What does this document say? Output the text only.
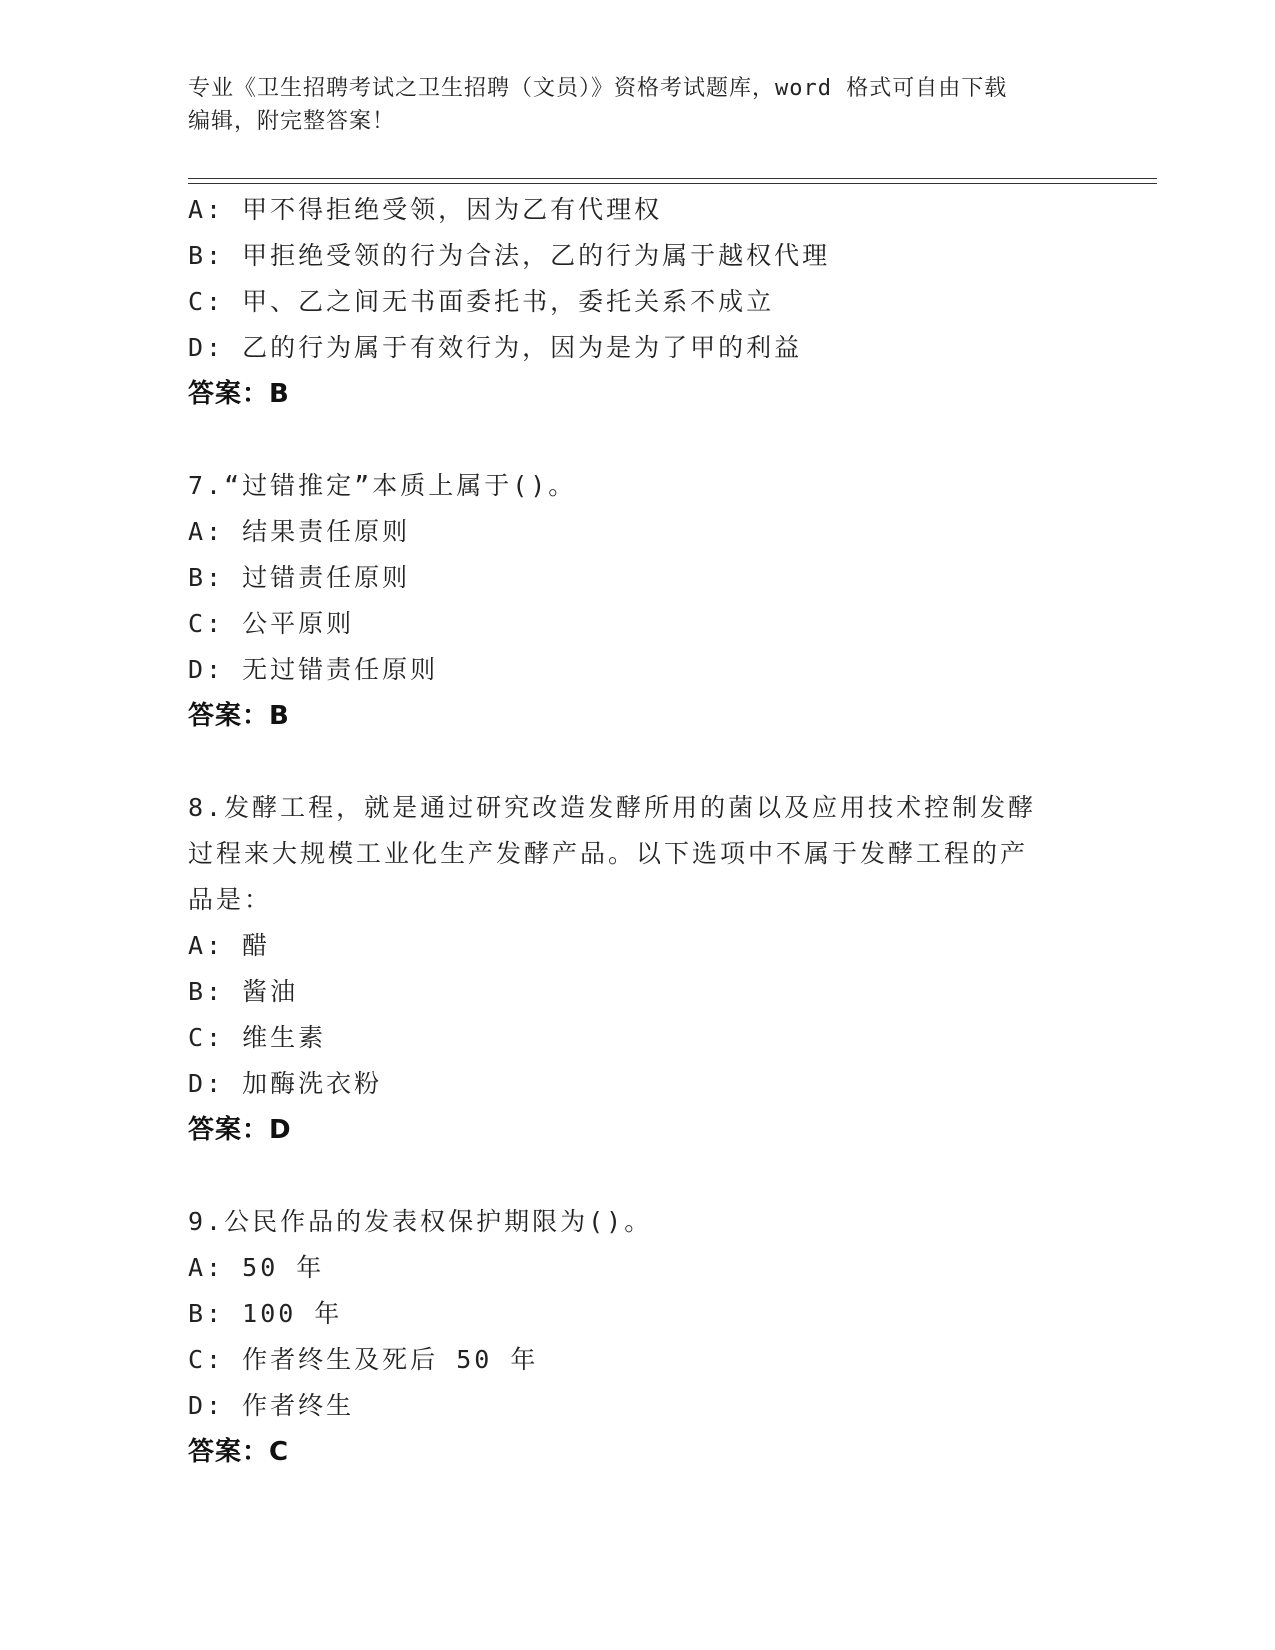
专业《卫生招聘考试之卫生招聘（文员）》资格考试题库，word 格式可自由下载
编辑，附完整答案！
A: 甲不得拒绝受领，因为乙有代理权
B: 甲拒绝受领的行为合法，乙的行为属于越权代理
C: 甲、乙之间无书面委托书，委托关系不成立
D: 乙的行为属于有效行为，因为是为了甲的利益
答案：B
7.“过错推定”本质上属于()。
A: 结果责任原则
B: 过错责任原则
C: 公平原则
D: 无过错责任原则
答案：B
8.发酵工程，就是通过研究改造发酵所用的菌以及应用技术控制发酵
过程来大规模工业化生产发酵产品。以下选项中不属于发酵工程的产
品是：
A: 醋
B: 酱油
C: 维生素
D: 加酶洗衣粉
答案：D
9.公民作品的发表权保护期限为()。
A: 50 年
B: 100 年
C: 作者终生及死后 50 年
D: 作者终生
答案：C
